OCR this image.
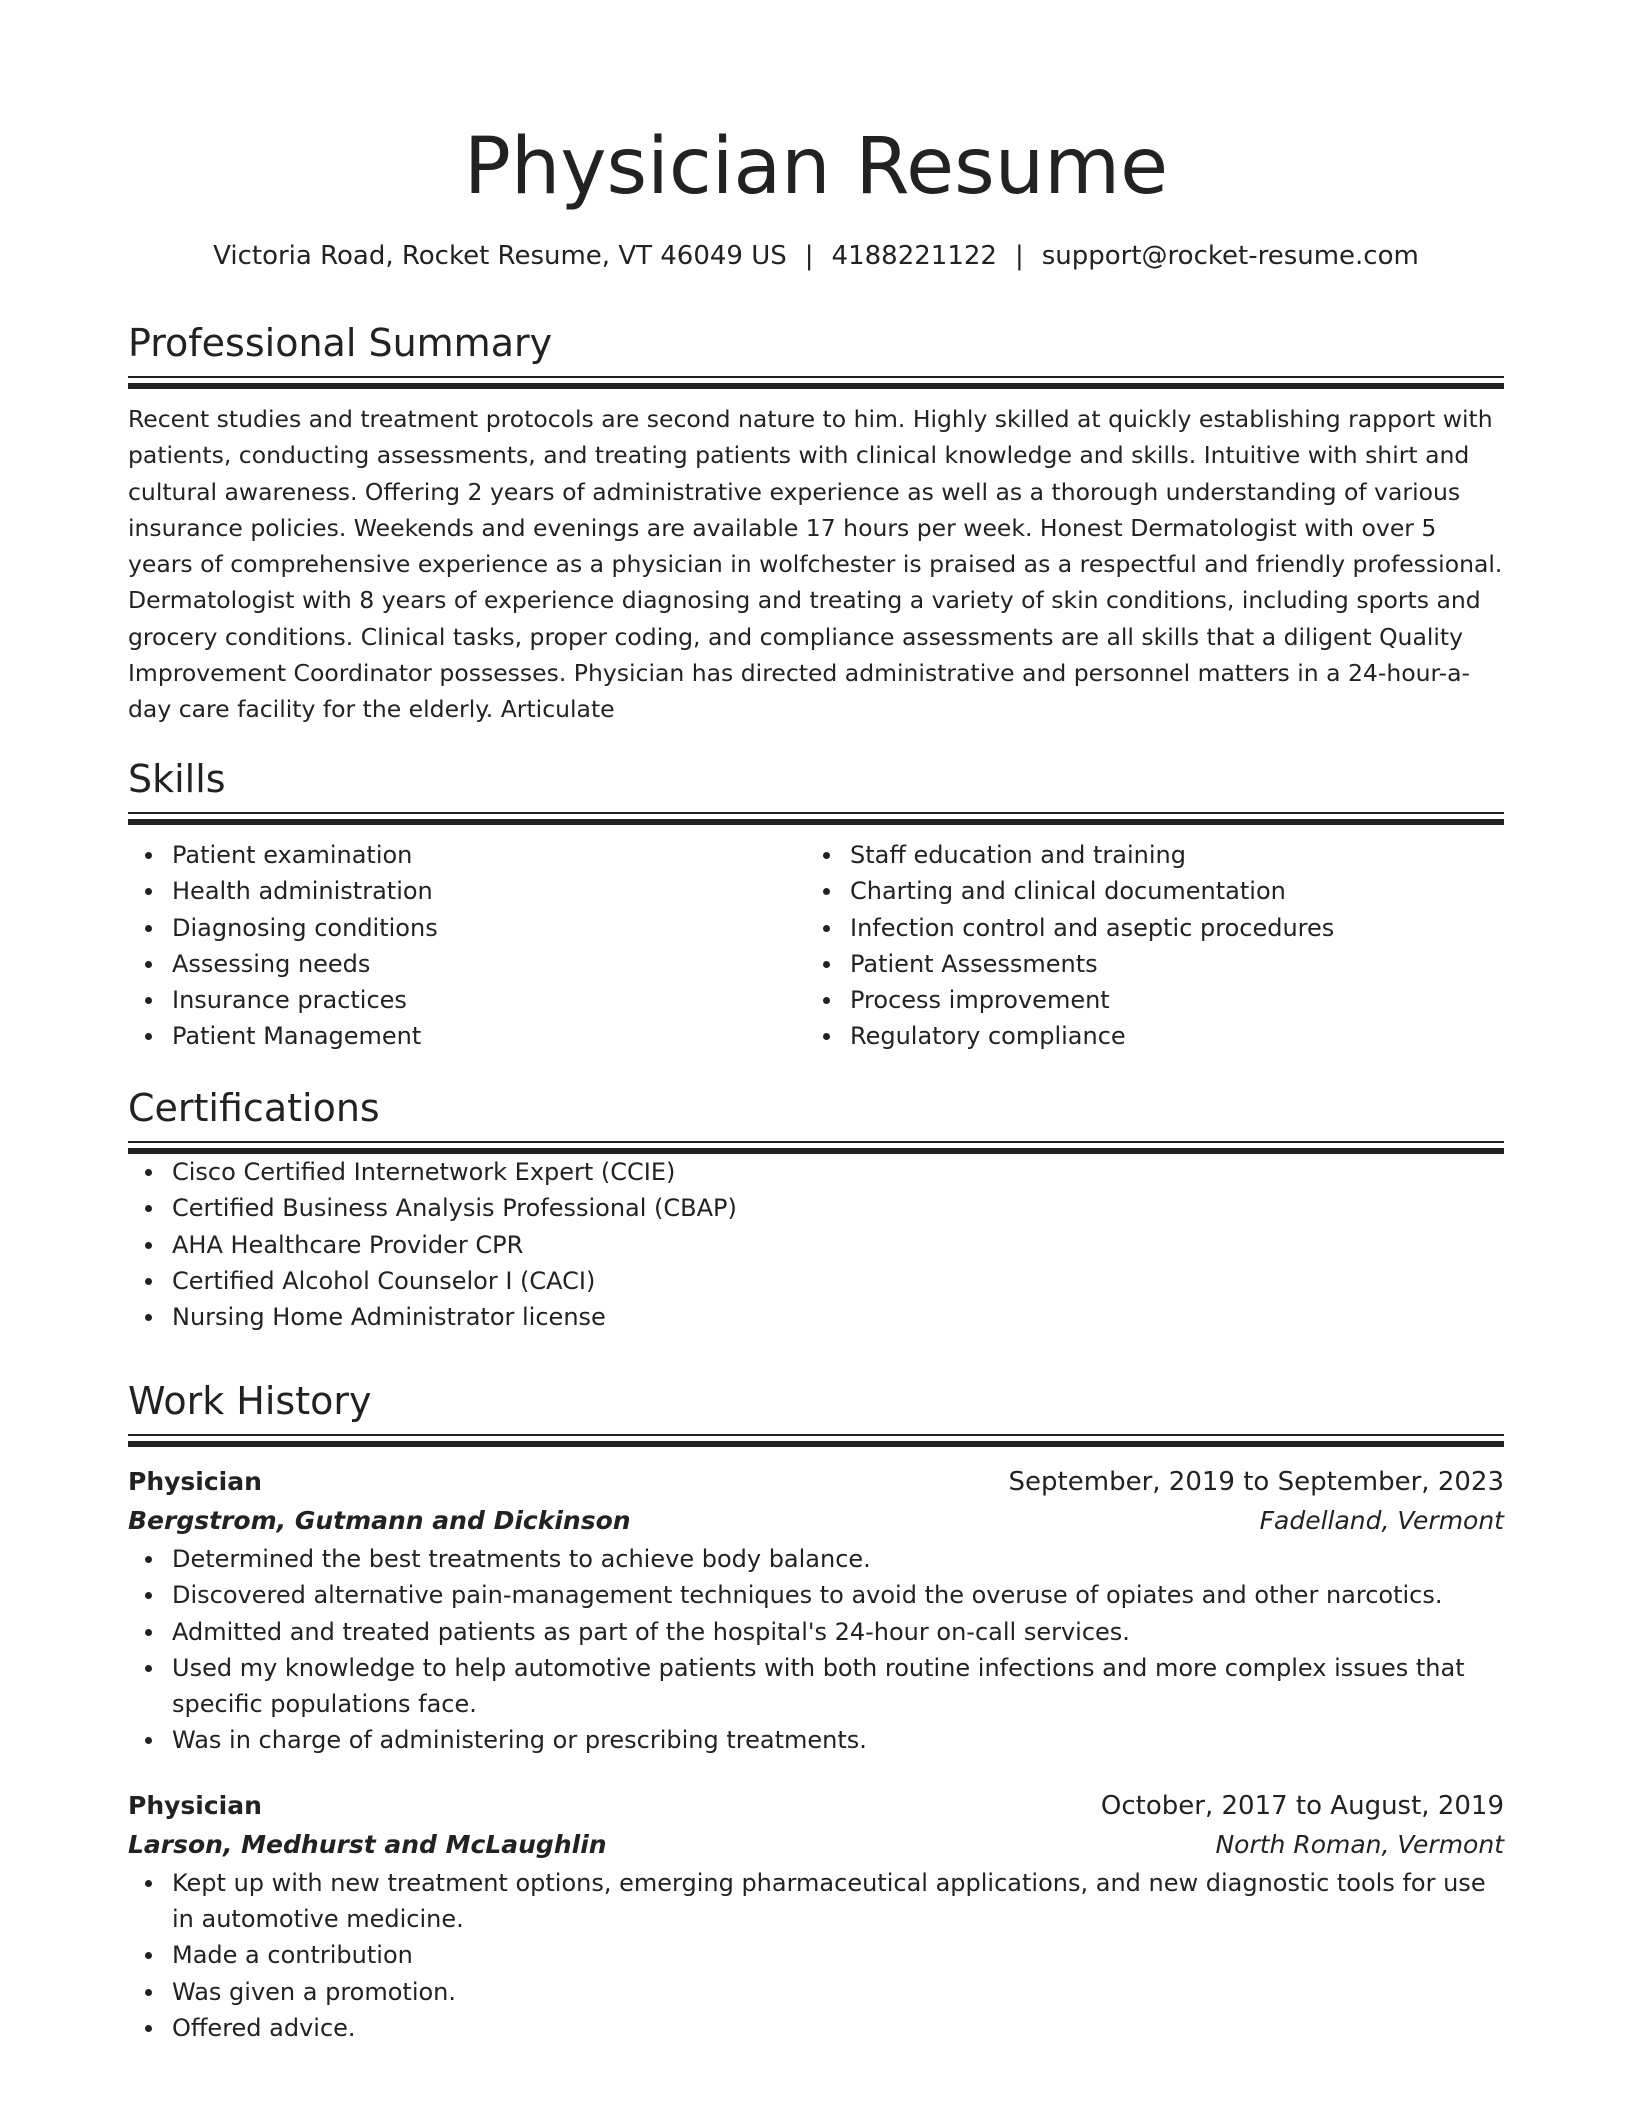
Physician Resume
Victoria Road, Rocket Resume, VT 46049 US | 4188221122 | support@rocket-resume.com
Professional Summary

Recent studies and treatment protocols are second nature to him. Highly skilled at quickly establishing rapport with patients, conducting assessments, and treating patients with clinical knowledge and skills. Intuitive with shirt and cultural awareness. Offering 2 years of administrative experience as well as a thorough understanding of various insurance policies. Weekends and evenings are available 17 hours per week. Honest Dermatologist with over 5 years of comprehensive experience as a physician in wolfchester is praised as a respectful and friendly professional. Dermatologist with 8 years of experience diagnosing and treating a variety of skin conditions, including sports and grocery conditions. Clinical tasks, proper coding, and compliance assessments are all skills that a diligent Quality Improvement Coordinator possesses. Physician has directed administrative and personnel matters in a 24-hour-a-day care facility for the elderly. Articulate

Skills
Patient examination
Health administration
Diagnosing conditions
Assessing needs
Insurance practices
Patient Management
Staff education and training
Charting and clinical documentation
Infection control and aseptic procedures
Patient Assessments
Process improvement
Regulatory compliance
Certifications
Cisco Certified Internetwork Expert (CCIE)
Certified Business Analysis Professional (CBAP)
AHA Healthcare Provider CPR
Certified Alcohol Counselor I (CACI)
Nursing Home Administrator license
Work History
Physician	September, 2019 to September, 2023
Bergstrom, Gutmann and Dickinson	Fadelland, Vermont
Determined the best treatments to achieve body balance.
Discovered alternative pain-management techniques to avoid the overuse of opiates and other narcotics.
Admitted and treated patients as part of the hospital's 24-hour on-call services.
Used my knowledge to help automotive patients with both routine infections and more complex issues that specific populations face.
Was in charge of administering or prescribing treatments.
Physician	October, 2017 to August, 2019
Larson, Medhurst and McLaughlin	North Roman, Vermont
Kept up with new treatment options, emerging pharmaceutical applications, and new diagnostic tools for use in automotive medicine.
Made a contribution
Was given a promotion.
Offered advice.
